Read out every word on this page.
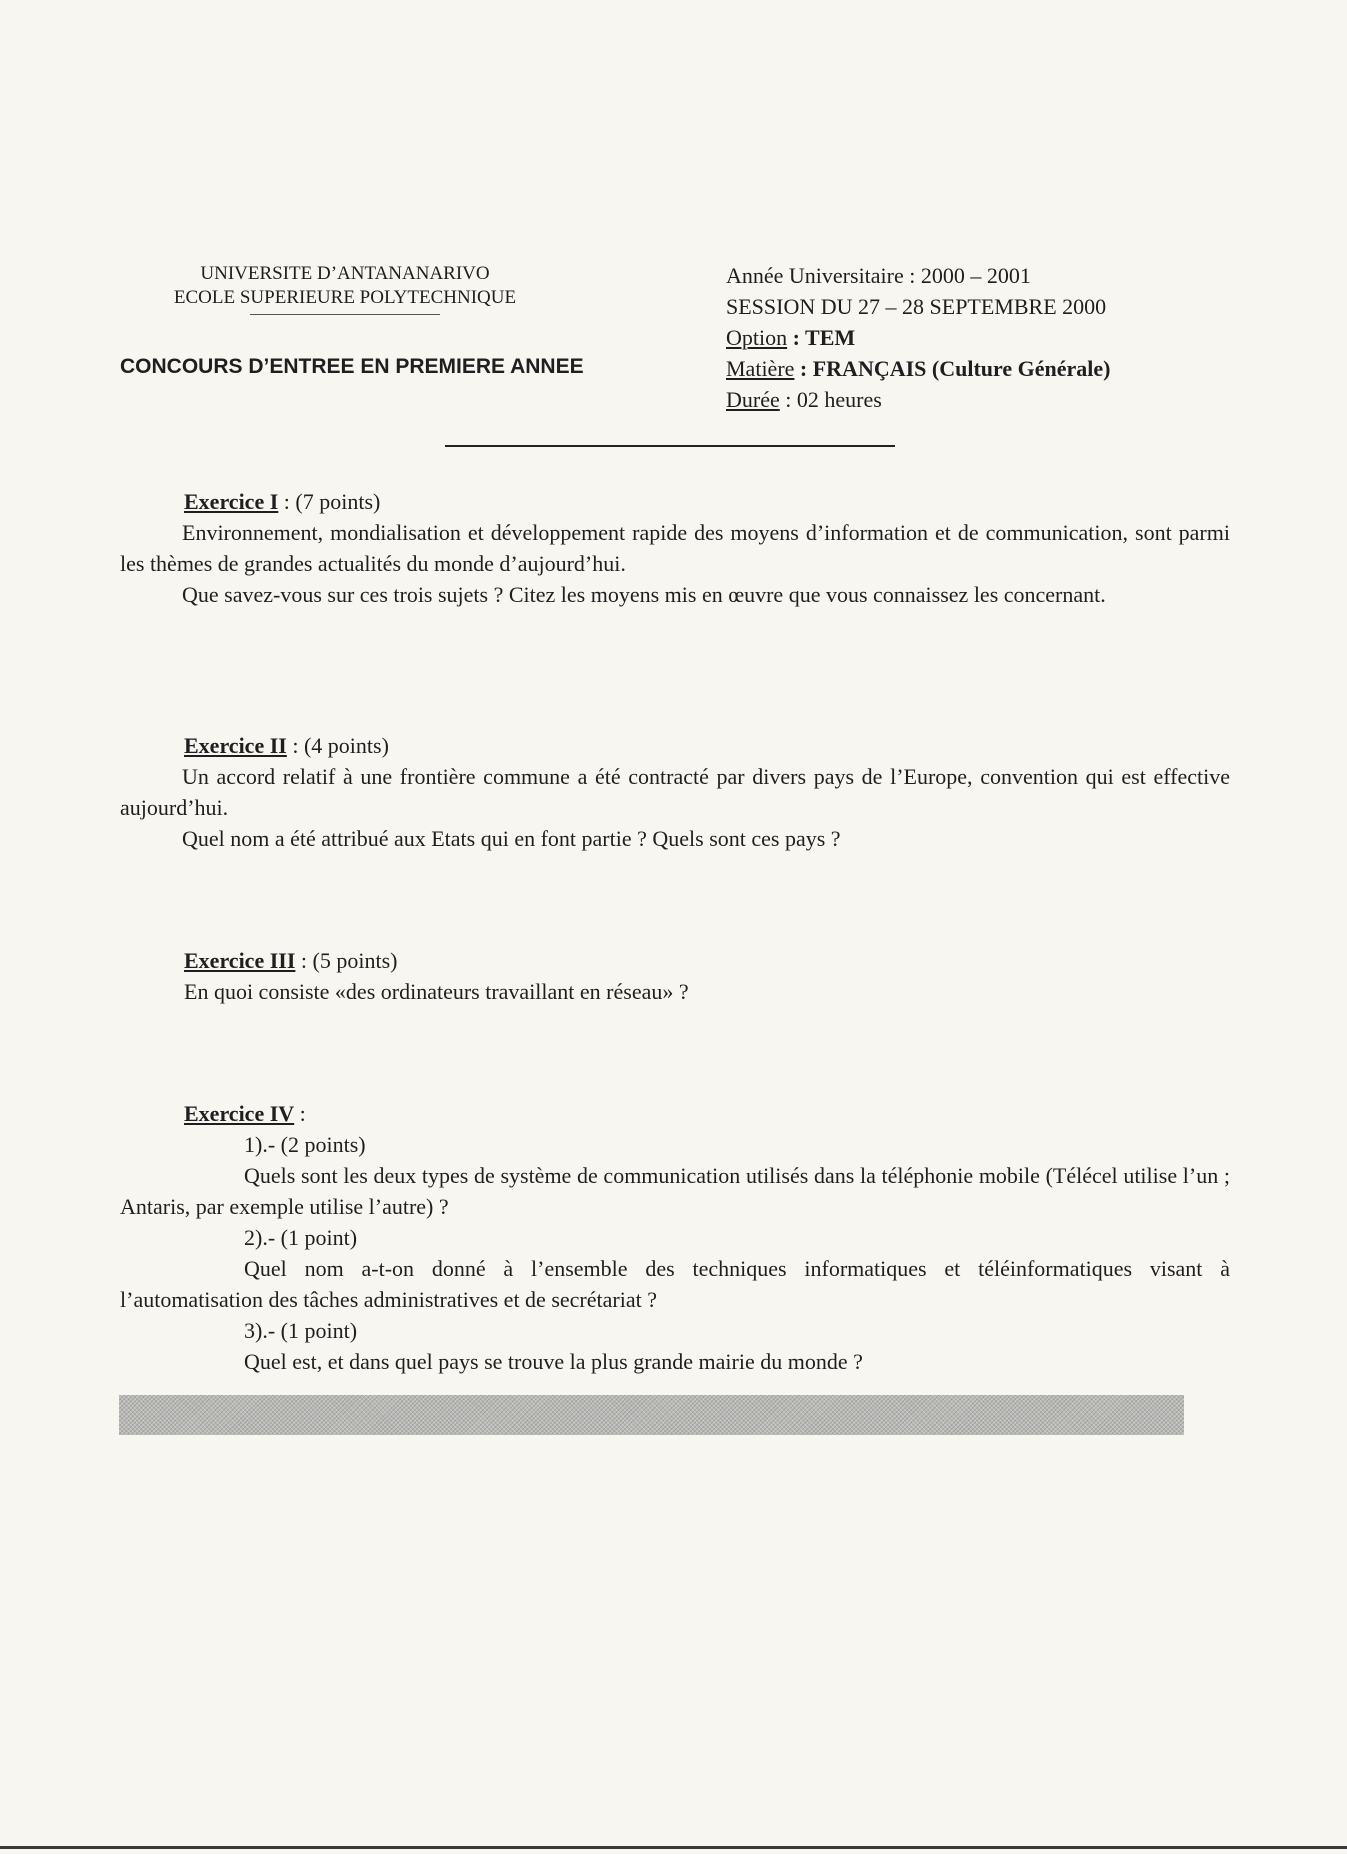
UNIVERSITE D’ANTANANARIVO
ECOLE SUPERIEURE POLYTECHNIQUE
CONCOURS D’ENTREE EN PREMIERE ANNEE
Année Universitaire : 2000 – 2001
SESSION DU 27 – 28 SEPTEMBRE 2000
Option : TEM
Matière : FRANÇAIS (Culture Générale)
Durée : 02 heures

Exercice I : (7 points)

Environnement, mondialisation et développement rapide des moyens d’information et de communication, sont parmi les thèmes de grandes actualités du monde d’aujourd’hui.

Que savez-vous sur ces trois sujets ? Citez les moyens mis en œuvre que vous connaissez les concernant.

Exercice II : (4 points)

Un accord relatif à une frontière commune a été contracté par divers pays de l’Europe, convention qui est effective aujourd’hui.

Quel nom a été attribué aux Etats qui en font partie ? Quels sont ces pays ?

Exercice III : (5 points)

En quoi consiste «des ordinateurs travaillant en réseau» ?

Exercice IV :

1).- (2 points)

Quels sont les deux types de système de communication utilisés dans la téléphonie mobile (Télécel utilise l’un ; Antaris, par exemple utilise l’autre) ?

2).- (1 point)

Quel nom a-t-on donné à l’ensemble des techniques informatiques et téléinformatiques visant à l’automatisation des tâches administratives et de secrétariat ?

3).- (1 point)

Quel est, et dans quel pays se trouve la plus grande mairie du monde ?
